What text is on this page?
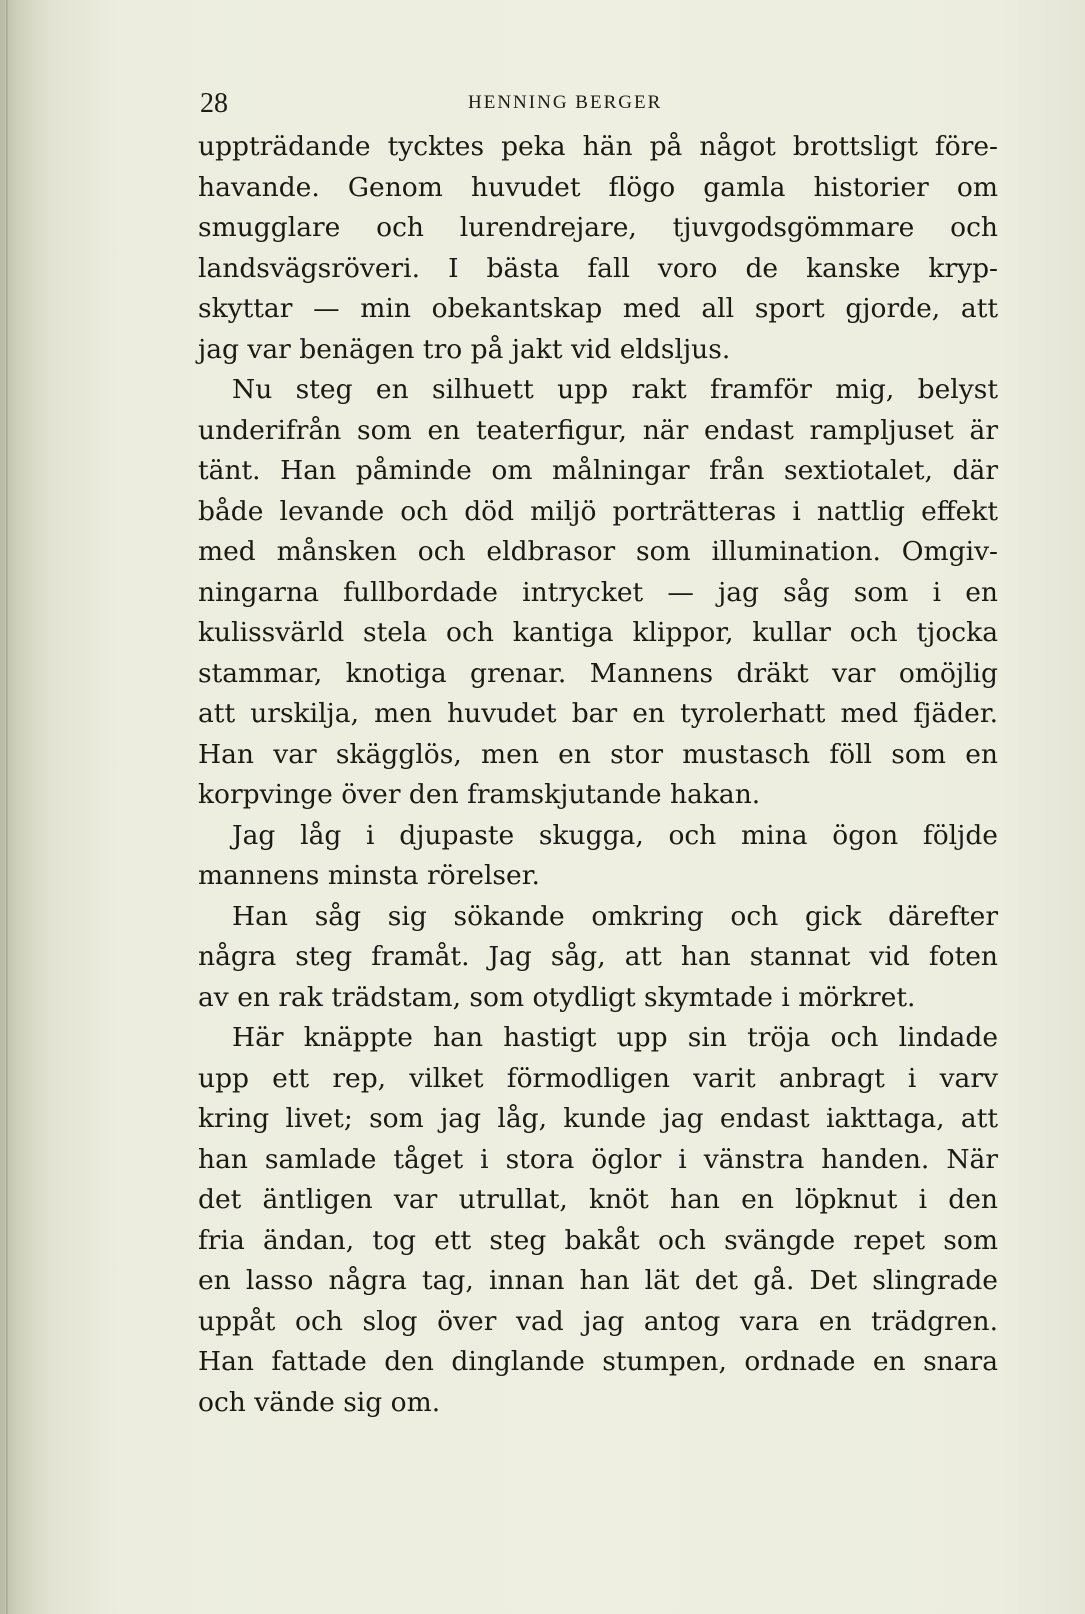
28	HENNING BERGER
uppträdande tycktes peka hän på något brottsligt före-
havande. Genom huvudet flögo gamla historier om
smugglare och lurendrejare, tjuvgodsgömmare och
landsvägsröveri. I bästa fall voro de kanske kryp-
skyttar — min obekantskap med all sport gjorde, att
jag var benägen tro på jakt vid eldsljus.
Nu steg en silhuett upp rakt framför mig, belyst
underifrån som en teaterfigur, när endast rampljuset är
tänt. Han påminde om målningar från sextiotalet, där
både levande och död miljö porträtteras i nattlig effekt
med månsken och eldbrasor som illumination. Omgiv-
ningarna fullbordade intrycket — jag såg som i en
kulissvärld stela och kantiga klippor, kullar och tjocka
stammar, knotiga grenar. Mannens dräkt var omöjlig
att urskilja, men huvudet bar en tyrolerhatt med fjäder.
Han var skägglös, men en stor mustasch föll som en
korpvinge över den framskjutande hakan.
Jag låg i djupaste skugga, och mina ögon följde
mannens minsta rörelser.
Han såg sig sökande omkring och gick därefter
några steg framåt. Jag såg, att han stannat vid foten
av en rak trädstam, som otydligt skymtade i mörkret.
Här knäppte han hastigt upp sin tröja och lindade
upp ett rep, vilket förmodligen varit anbragt i varv
kring livet; som jag låg, kunde jag endast iakttaga, att
han samlade tåget i stora öglor i vänstra handen. När
det äntligen var utrullat, knöt han en löpknut i den
fria ändan, tog ett steg bakåt och svängde repet som
en lasso några tag, innan han lät det gå. Det slingrade
uppåt och slog över vad jag antog vara en trädgren.
Han fattade den dinglande stumpen, ordnade en snara
och vände sig om.
